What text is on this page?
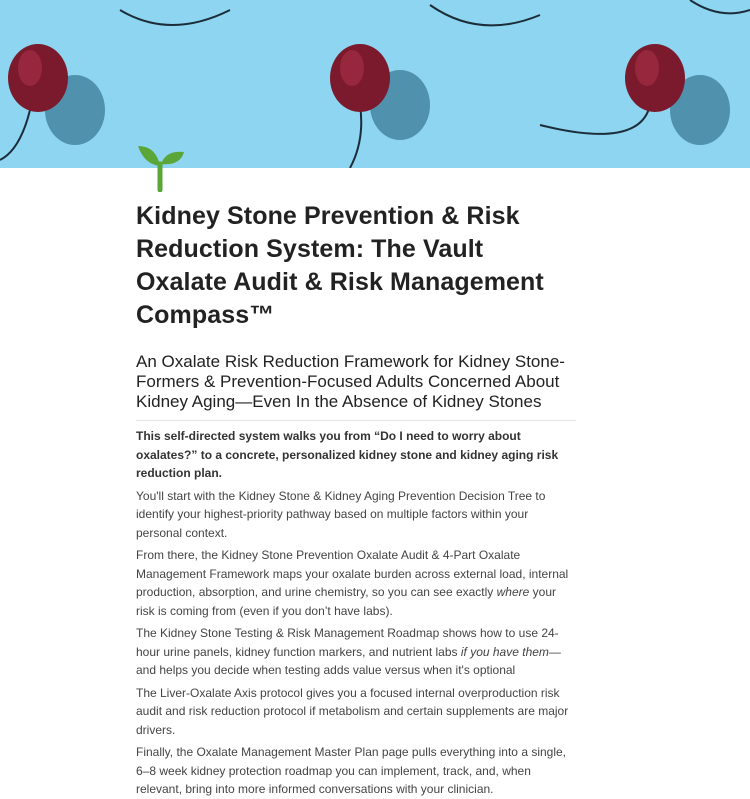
Kidney Stone Prevention & Risk Reduction System: The Vault Oxalate Audit & Risk Management Compass™
An Oxalate Risk Reduction Framework for Kidney Stone-Formers & Prevention-Focused Adults Concerned About Kidney Aging—Even In the Absence of Kidney Stones

This self-directed system walks you from “Do I need to worry about oxalates?” to a concrete, personalized kidney stone and kidney aging risk reduction plan.

You'll start with the Kidney Stone & Kidney Aging Prevention Decision Tree to identify your highest-priority pathway based on multiple factors within your personal context.

From there, the Kidney Stone Prevention Oxalate Audit & 4-Part Oxalate Management Framework maps your oxalate burden across external load, internal production, absorption, and urine chemistry, so you can see exactly where your risk is coming from (even if you don’t have labs).

The Kidney Stone Testing & Risk Management Roadmap shows how to use 24-hour urine panels, kidney function markers, and nutrient labs if you have them—and helps you decide when testing adds value versus when it's optional

The Liver-Oxalate Axis protocol gives you a focused internal overproduction risk audit and risk reduction protocol if metabolism and certain supplements are major drivers.

Finally, the Oxalate Management Master Plan page pulls everything into a single, 6–8 week kidney protection roadmap you can implement, track, and, when relevant, bring into more informed conversations with your clinician.
